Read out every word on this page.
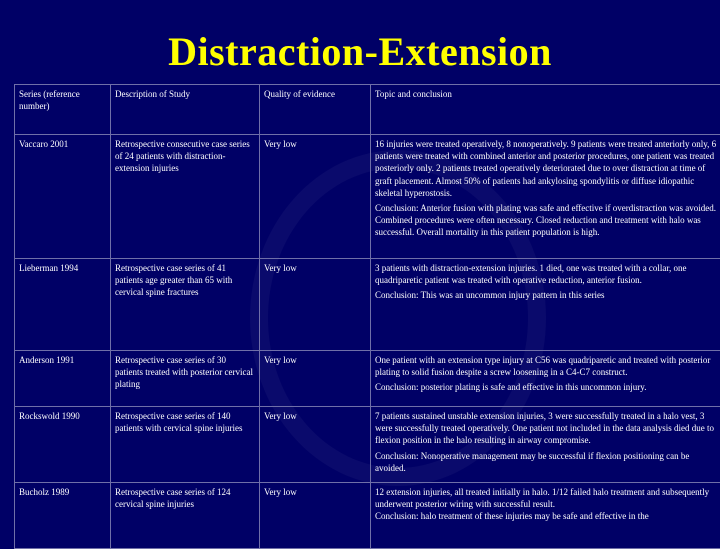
Distraction-Extension
Series (reference number)	Description of Study	Quality of evidence	Topic and conclusion
Vaccaro 2001	Retrospective consecutive case series of 24 patients with distraction-extension injuries	Very low	16 injuries were treated operatively, 8 nonoperatively. 9 patients were treated anteriorly only, 6 patients were treated with combined anterior and posterior procedures, one patient was treated posteriorly only. 2 patients treated operatively deteriorated due to over distraction at time of graft placement. Almost 50% of patients had ankylosing spondylitis or diffuse idiopathic skeletal hyperostosis.
Conclusion: Anterior fusion with plating was safe and effective if overdistraction was avoided. Combined procedures were often necessary. Closed reduction and treatment with halo was successful. Overall mortality in this patient population is high.

Lieberman 1994	Retrospective case series of 41 patients age greater than 65 with cervical spine fractures	Very low	3 patients with distraction-extension injuries. 1 died, one was treated with a collar, one quadriparetic patient was treated with operative reduction, anterior fusion.
Conclusion: This was an uncommon injury pattern in this series

Anderson 1991	Retrospective case series of 30 patients treated with posterior cervical plating	Very low	One patient with an extension type injury at C56 was quadriparetic and treated with posterior plating to solid fusion despite a screw loosening in a C4-C7 construct.
Conclusion: posterior plating is safe and effective in this uncommon injury.

Rockswold 1990	Retrospective case series of 140 patients with cervical spine injuries	Very low	7 patients sustained unstable extension injuries, 3 were successfully treated in a halo vest, 3 were successfully treated operatively. One patient not included in the data analysis died due to flexion position in the halo resulting in airway compromise.
Conclusion: Nonoperative management may be successful if flexion positioning can be avoided.

Bucholz 1989	Retrospective case series of 124 cervical spine injuries	Very low	12 extension injuries, all treated initially in halo. 1/12 failed halo treatment and subsequently underwent posterior wiring with successful result.
Conclusion: halo treatment of these injuries may be safe and effective in the
